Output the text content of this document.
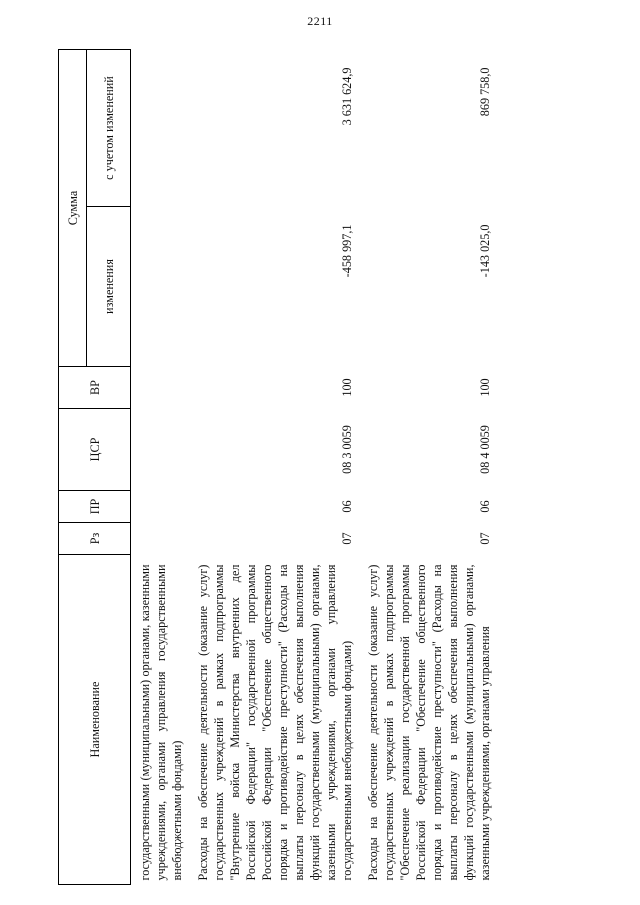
2211
Наименование	Рз	ПР	ЦСР	ВР	Сумма	
					изменения	с учетом изменений
государственными (муниципальными) органами, казенными учреждениями, органами управления государственными внебюджетными фондами)						
Расходы на обеспечение деятельности (оказание услуг) государственных учреждений в рамках подпрограммы "Внутренние войска Министерства внутренних дел Российской Федерации" государственной программы Российской Федерации "Обеспечение общественного порядка и противодействие преступности" (Расходы на выплаты персоналу в целях обеспечения выполнения функций государственными (муниципальными) органами, казенными учреждениями, органами управления государственными внебюджетными фондами)	07	06	08 3 0059	100	-458 997,1	3 631 624,9
Расходы на обеспечение деятельности (оказание услуг) государственных учреждений в рамках подпрограммы "Обеспечение реализации государственной программы Российской Федерации "Обеспечение общественного порядка и противодействие преступности" (Расходы на выплаты персоналу в целях обеспечения выполнения функций государственными (муниципальными) органами, казенными учреждениями, органами управления	07	06	08 4 0059	100	-143 025,0	869 758,0
